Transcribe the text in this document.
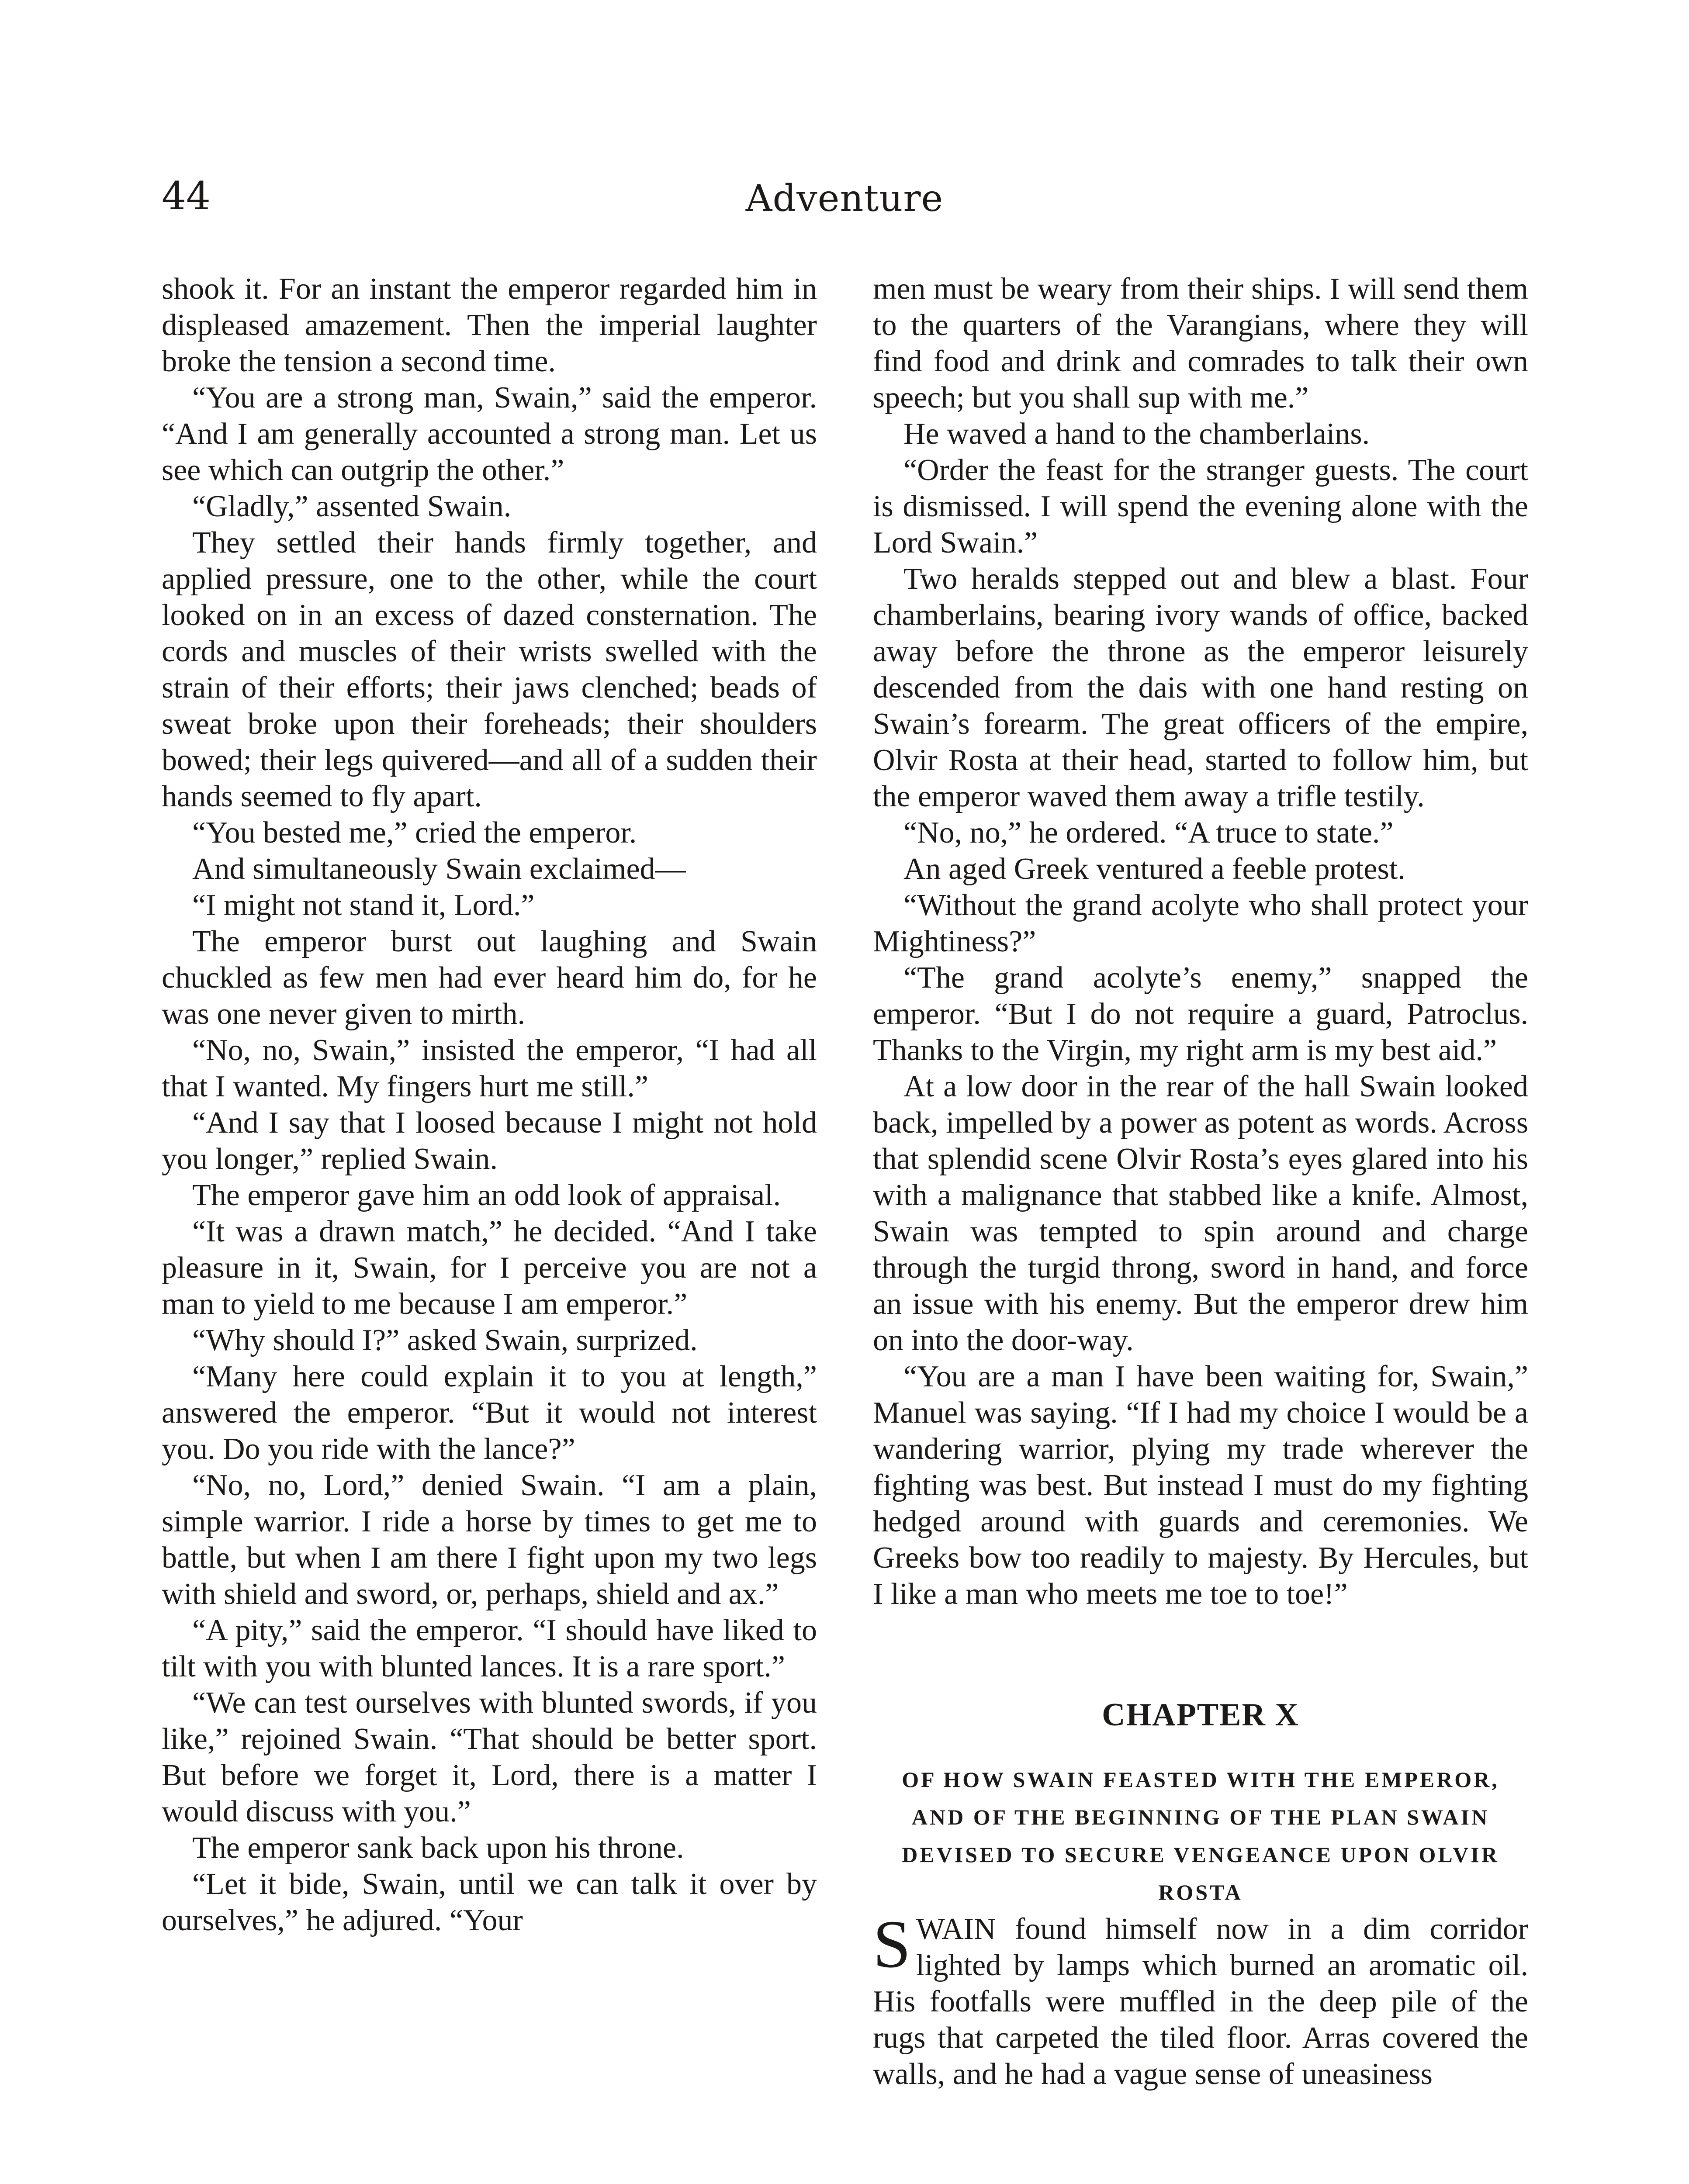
44	Adventure

shook it. For an instant the emperor regarded him in displeased amazement. Then the imperial laughter broke the tension a second time.

“You are a strong man, Swain,” said the emperor. “And I am generally accounted a strong man. Let us see which can outgrip the other.”

“Gladly,” assented Swain.

They settled their hands firmly together, and applied pressure, one to the other, while the court looked on in an excess of dazed consternation. The cords and muscles of their wrists swelled with the strain of their efforts; their jaws clenched; beads of sweat broke upon their foreheads; their shoulders bowed; their legs quivered—and all of a sudden their hands seemed to fly apart.

“You bested me,” cried the emperor.

And simultaneously Swain exclaimed—

“I might not stand it, Lord.”

The emperor burst out laughing and Swain chuckled as few men had ever heard him do, for he was one never given to mirth.

“No, no, Swain,” insisted the emperor, “I had all that I wanted. My fingers hurt me still.”

“And I say that I loosed because I might not hold you longer,” replied Swain.

The emperor gave him an odd look of appraisal.

“It was a drawn match,” he decided. “And I take pleasure in it, Swain, for I perceive you are not a man to yield to me because I am emperor.”

“Why should I?” asked Swain, surprized.

“Many here could explain it to you at length,” answered the emperor. “But it would not interest you. Do you ride with the lance?”

“No, no, Lord,” denied Swain. “I am a plain, simple warrior. I ride a horse by times to get me to battle, but when I am there I fight upon my two legs with shield and sword, or, perhaps, shield and ax.”

“A pity,” said the emperor. “I should have liked to tilt with you with blunted lances. It is a rare sport.”

“We can test ourselves with blunted swords, if you like,” rejoined Swain. “That should be better sport. But before we forget it, Lord, there is a matter I would discuss with you.”

The emperor sank back upon his throne.

“Let it bide, Swain, until we can talk it over by ourselves,” he adjured. “Your

men must be weary from their ships. I will send them to the quarters of the Varangians, where they will find food and drink and comrades to talk their own speech; but you shall sup with me.”

He waved a hand to the chamberlains.

“Order the feast for the stranger guests. The court is dismissed. I will spend the evening alone with the Lord Swain.”

Two heralds stepped out and blew a blast. Four chamberlains, bearing ivory wands of office, backed away before the throne as the emperor leisurely descended from the dais with one hand resting on Swain’s forearm. The great officers of the empire, Olvir Rosta at their head, started to follow him, but the emperor waved them away a trifle testily.

“No, no,” he ordered. “A truce to state.”

An aged Greek ventured a feeble protest.

“Without the grand acolyte who shall protect your Mightiness?”

“The grand acolyte’s enemy,” snapped the emperor. “But I do not require a guard, Patroclus. Thanks to the Virgin, my right arm is my best aid.”

At a low door in the rear of the hall Swain looked back, impelled by a power as potent as words. Across that splendid scene Olvir Rosta’s eyes glared into his with a malignance that stabbed like a knife. Almost, Swain was tempted to spin around and charge through the turgid throng, sword in hand, and force an issue with his enemy. But the emperor drew him on into the door-way.

“You are a man I have been waiting for, Swain,” Manuel was saying. “If I had my choice I would be a wandering warrior, plying my trade wherever the fighting was best. But instead I must do my fighting hedged around with guards and ceremonies. We Greeks bow too readily to majesty. By Hercules, but I like a man who meets me toe to toe!”

CHAPTER X
OF HOW SWAIN FEASTED WITH THE EMPEROR, AND OF THE BEGINNING OF THE PLAN SWAIN DEVISED TO SECURE VENGEANCE UPON OLVIR ROSTA

SWAIN found himself now in a dim corridor lighted by lamps which burned an aromatic oil. His footfalls were muffled in the deep pile of the rugs that carpeted the tiled floor. Arras covered the walls, and he had a vague sense of uneasiness
